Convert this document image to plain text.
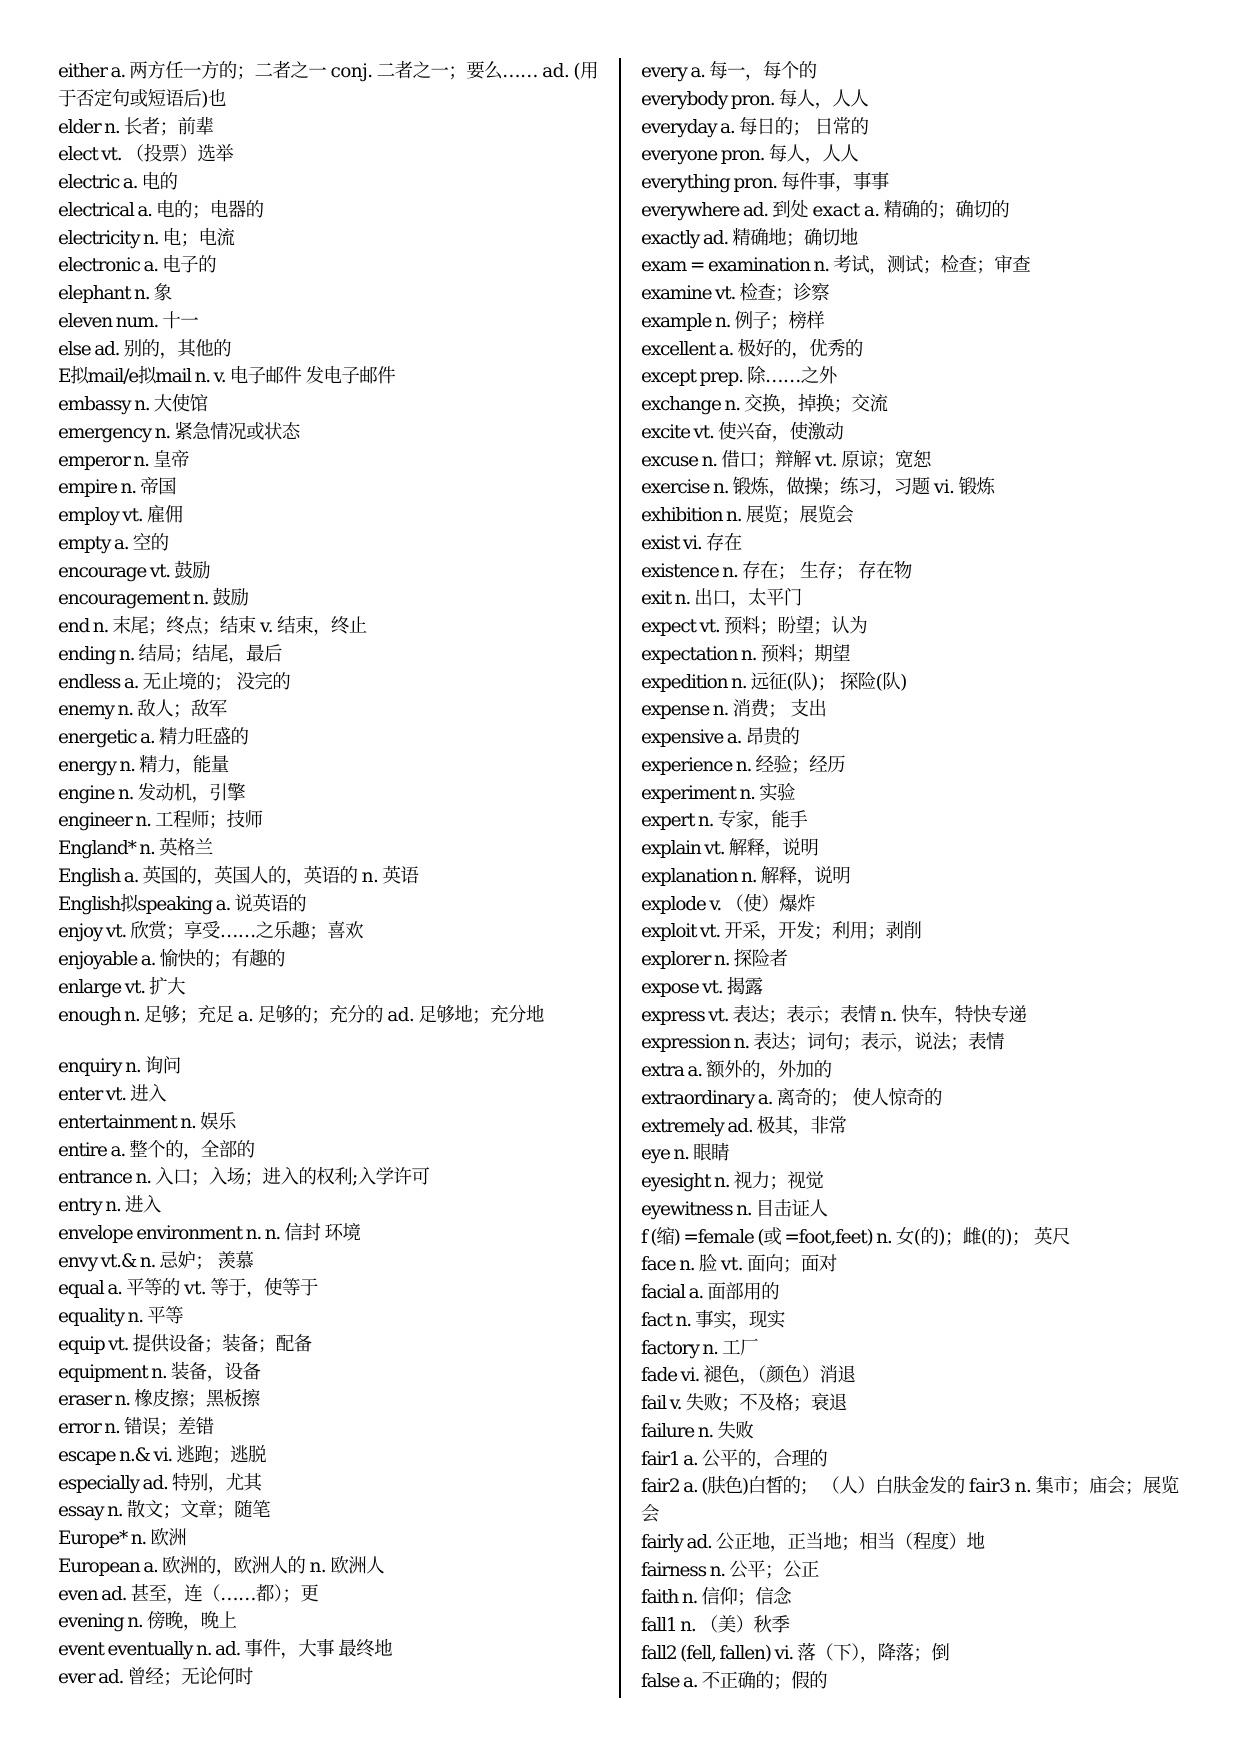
either a. 两方任一方的；二者之一 conj. 二者之一；要么…… ad. (用于否定句或短语后)也

elder n. 长者；前辈

elect vt. （投票）选举

electric a. 电的

electrical a. 电的；电器的

electricity n. 电；电流

electronic a. 电子的

elephant n. 象

eleven num. 十一

else ad. 别的，其他的

E拟mail/e拟mail n. v. 电子邮件 发电子邮件

embassy n. 大使馆

emergency n. 紧急情况或状态

emperor n. 皇帝

empire n. 帝国

employ vt. 雇佣

empty a. 空的

encourage vt. 鼓励

encouragement n. 鼓励

end n. 末尾；终点；结束 v. 结束，终止

ending n. 结局；结尾，最后

endless a. 无止境的； 没完的

enemy n. 敌人；敌军

energetic a. 精力旺盛的

energy n. 精力，能量

engine n. 发动机，引擎

engineer n. 工程师；技师

England* n. 英格兰

English a. 英国的，英国人的，英语的 n. 英语

English拟speaking a. 说英语的

enjoy vt. 欣赏；享受……之乐趣；喜欢

enjoyable a. 愉快的；有趣的

enlarge vt. 扩大

enough n. 足够；充足 a. 足够的；充分的 ad. 足够地；充分地

enquiry n. 询问

enter vt. 进入

entertainment n. 娱乐

entire a. 整个的，全部的

entrance n. 入口；入场；进入的权利;入学许可

entry n. 进入

envelope environment n. n. 信封 环境

envy vt.& n. 忌妒； 羡慕

equal a. 平等的 vt. 等于，使等于

equality n. 平等

equip vt. 提供设备；装备；配备

equipment n. 装备，设备

eraser n. 橡皮擦；黑板擦

error n. 错误；差错

escape n.& vi. 逃跑；逃脱

especially ad. 特别，尤其

essay n. 散文；文章；随笔

Europe* n. 欧洲

European a. 欧洲的，欧洲人的 n. 欧洲人

even ad. 甚至，连（……都）；更

evening n. 傍晚，晚上

event eventually n. ad. 事件，大事 最终地

ever ad. 曾经；无论何时

every a. 每一，每个的

everybody pron. 每人，人人

everyday a. 每日的； 日常的

everyone pron. 每人，人人

everything pron. 每件事，事事

everywhere ad. 到处 exact a. 精确的；确切的

exactly ad. 精确地；确切地

exam = examination n. 考试，测试；检查；审查

examine vt. 检查；诊察

example n. 例子；榜样

excellent a. 极好的，优秀的

except prep. 除……之外

exchange n. 交换，掉换；交流

excite vt. 使兴奋，使激动

excuse n. 借口；辩解 vt. 原谅；宽恕

exercise n. 锻炼，做操；练习，习题 vi. 锻炼

exhibition n. 展览；展览会

exist vi. 存在

existence n. 存在； 生存； 存在物

exit n. 出口，太平门

expect vt. 预料；盼望；认为

expectation n. 预料；期望

expedition n. 远征(队)； 探险(队)

expense n. 消费； 支出

expensive a. 昂贵的

experience n. 经验；经历

experiment n. 实验

expert n. 专家，能手

explain vt. 解释，说明

explanation n. 解释，说明

explode v. （使）爆炸

exploit vt. 开采，开发；利用；剥削

explorer n. 探险者

expose vt. 揭露

express vt. 表达；表示；表情 n. 快车，特快专递

expression n. 表达；词句；表示，说法；表情

extra a. 额外的，外加的

extraordinary a. 离奇的； 使人惊奇的

extremely ad. 极其，非常

eye n. 眼睛

eyesight n. 视力；视觉

eyewitness n. 目击证人

f (缩) =female (或 =foot,feet) n. 女(的)；雌(的)； 英尺

face n. 脸 vt. 面向；面对

facial a. 面部用的

fact n. 事实，现实

factory n. 工厂

fade vi. 褪色，（颜色）消退

fail v. 失败；不及格；衰退

failure n. 失败

fair1 a. 公平的，合理的

fair2 a. (肤色)白皙的； （人）白肤金发的 fair3 n. 集市；庙会；展览会

fairly ad. 公正地，正当地；相当（程度）地

fairness n. 公平；公正

faith n. 信仰；信念

fall1 n. （美）秋季

fall2 (fell, fallen) vi. 落（下），降落；倒

false a. 不正确的；假的
